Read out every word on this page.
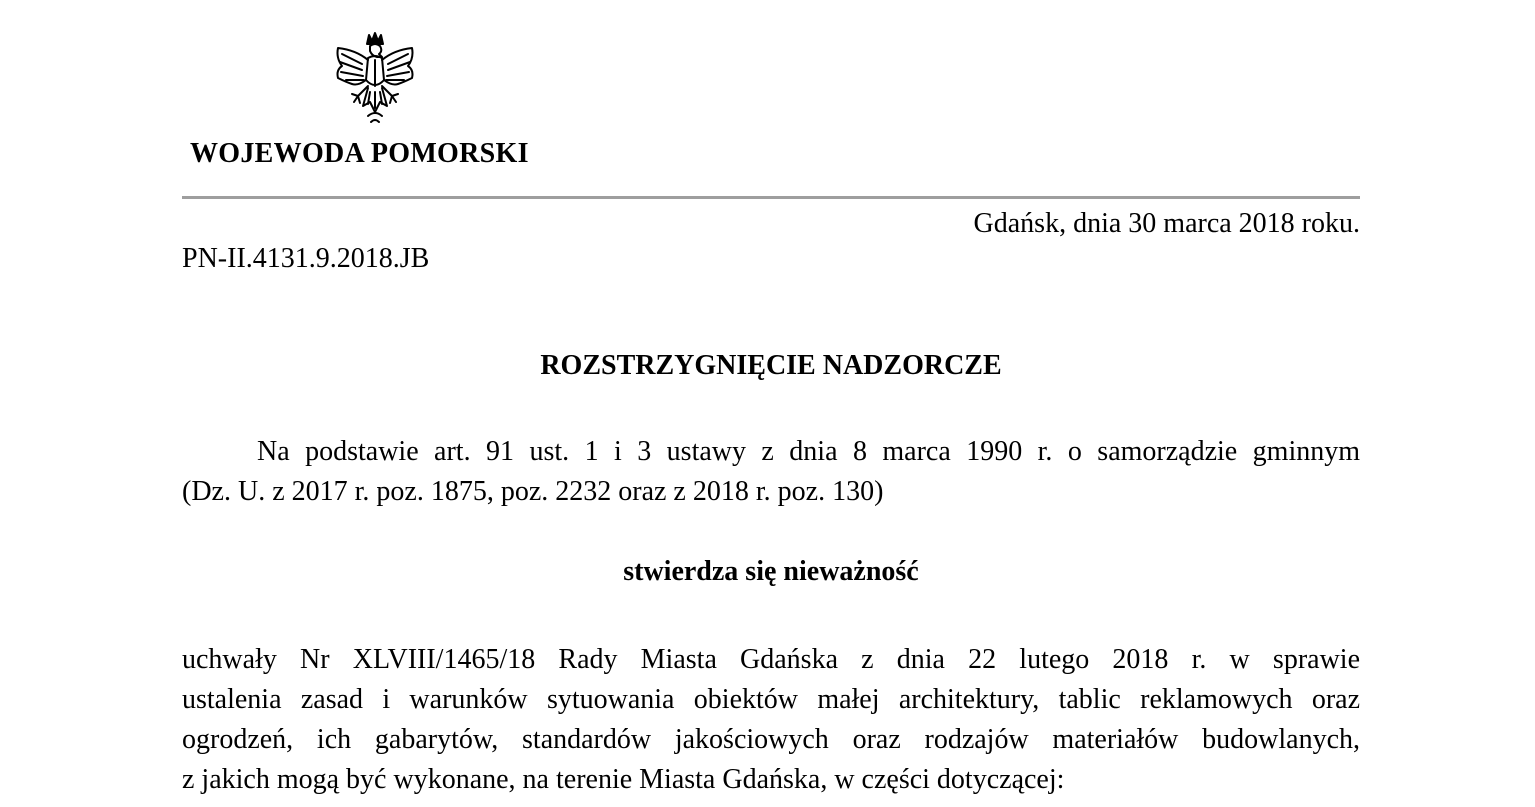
WOJEWODA POMORSKI
Gdańsk, dnia 30 marca 2018 roku.
PN-II.4131.9.2018.JB
ROZSTRZYGNIĘCIE NADZORCZE
Na podstawie art. 91 ust. 1 i 3 ustawy z dnia 8 marca 1990 r. o samorządzie gminnym
(Dz. U. z 2017 r. poz. 1875, poz. 2232 oraz z 2018 r. poz. 130)
stwierdza się nieważność
uchwały Nr XLVIII/1465/18 Rady Miasta Gdańska z dnia 22 lutego 2018 r. w sprawie
ustalenia zasad i warunków sytuowania obiektów małej architektury, tablic reklamowych oraz
ogrodzeń, ich gabarytów, standardów jakościowych oraz rodzajów materiałów budowlanych,
z jakich mogą być wykonane, na terenie Miasta Gdańska, w części dotyczącej:
